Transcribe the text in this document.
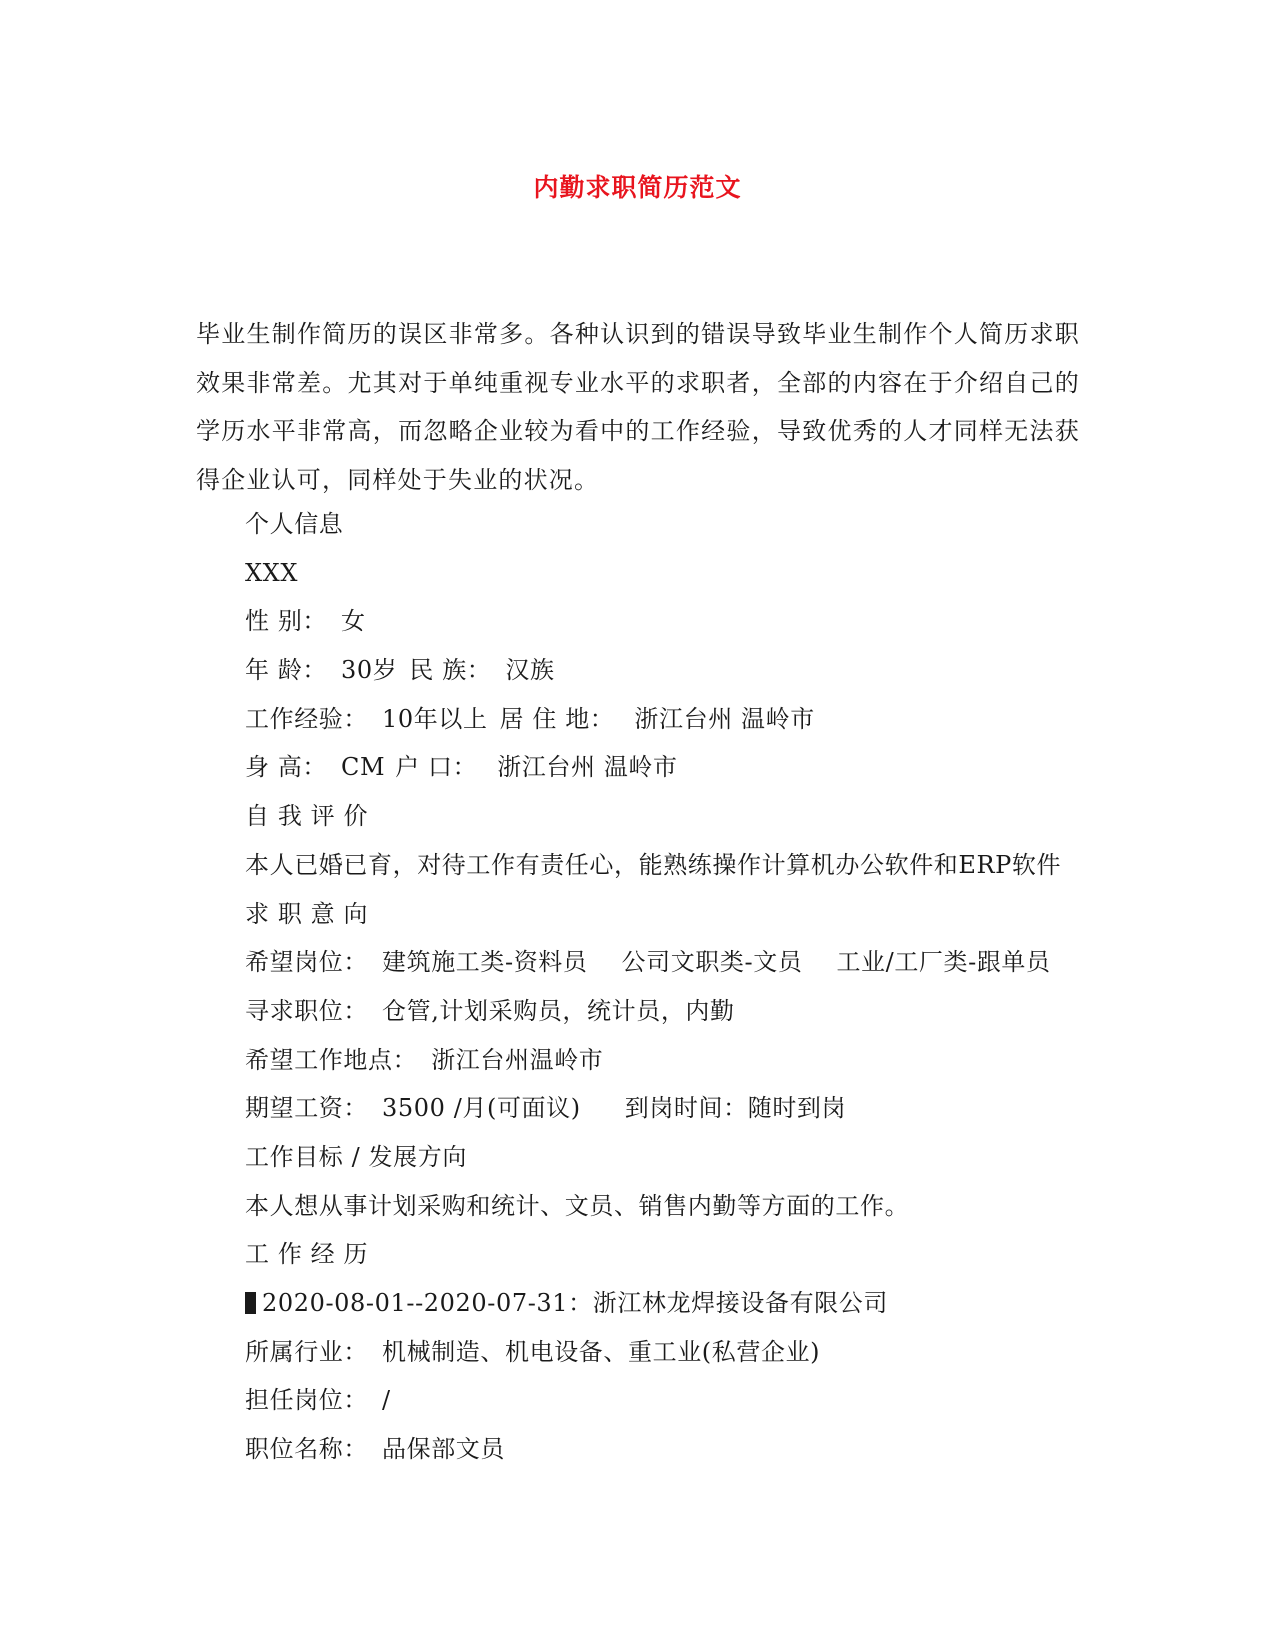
内勤求职简历范文

毕业生制作简历的误区非常多。各种认识到的错误导致毕业生制作个人简历求职效果非常差。尤其对于单纯重视专业水平的求职者，全部的内容在于介绍自己的学历水平非常高，而忽略企业较为看中的工作经验，导致优秀的人才同样无法获得企业认可，同样处于失业的状况。

个人信息
XXX
性 别： 女
年 龄： 30岁 民 族： 汉族
工作经验： 10年以上 居 住 地： 浙江台州 温岭市
身 高： CM 户 口： 浙江台州 温岭市
自 我 评 价
本人已婚已育，对待工作有责任心，能熟练操作计算机办公软件和ERP软件
求 职 意 向
希望岗位： 建筑施工类-资料员 公司文职类-文员 工业/工厂类-跟单员
寻求职位： 仓管,计划采购员，统计员，内勤
希望工作地点： 浙江台州温岭市
期望工资： 3500 /月(可面议) 到岗时间：随时到岗
工作目标 / 发展方向
本人想从事计划采购和统计、文员、销售内勤等方面的工作。
工 作 经 历
2020-08-01--2020-07-31：浙江林龙焊接设备有限公司
所属行业： 机械制造、机电设备、重工业(私营企业)
担任岗位： /
职位名称： 品保部文员
